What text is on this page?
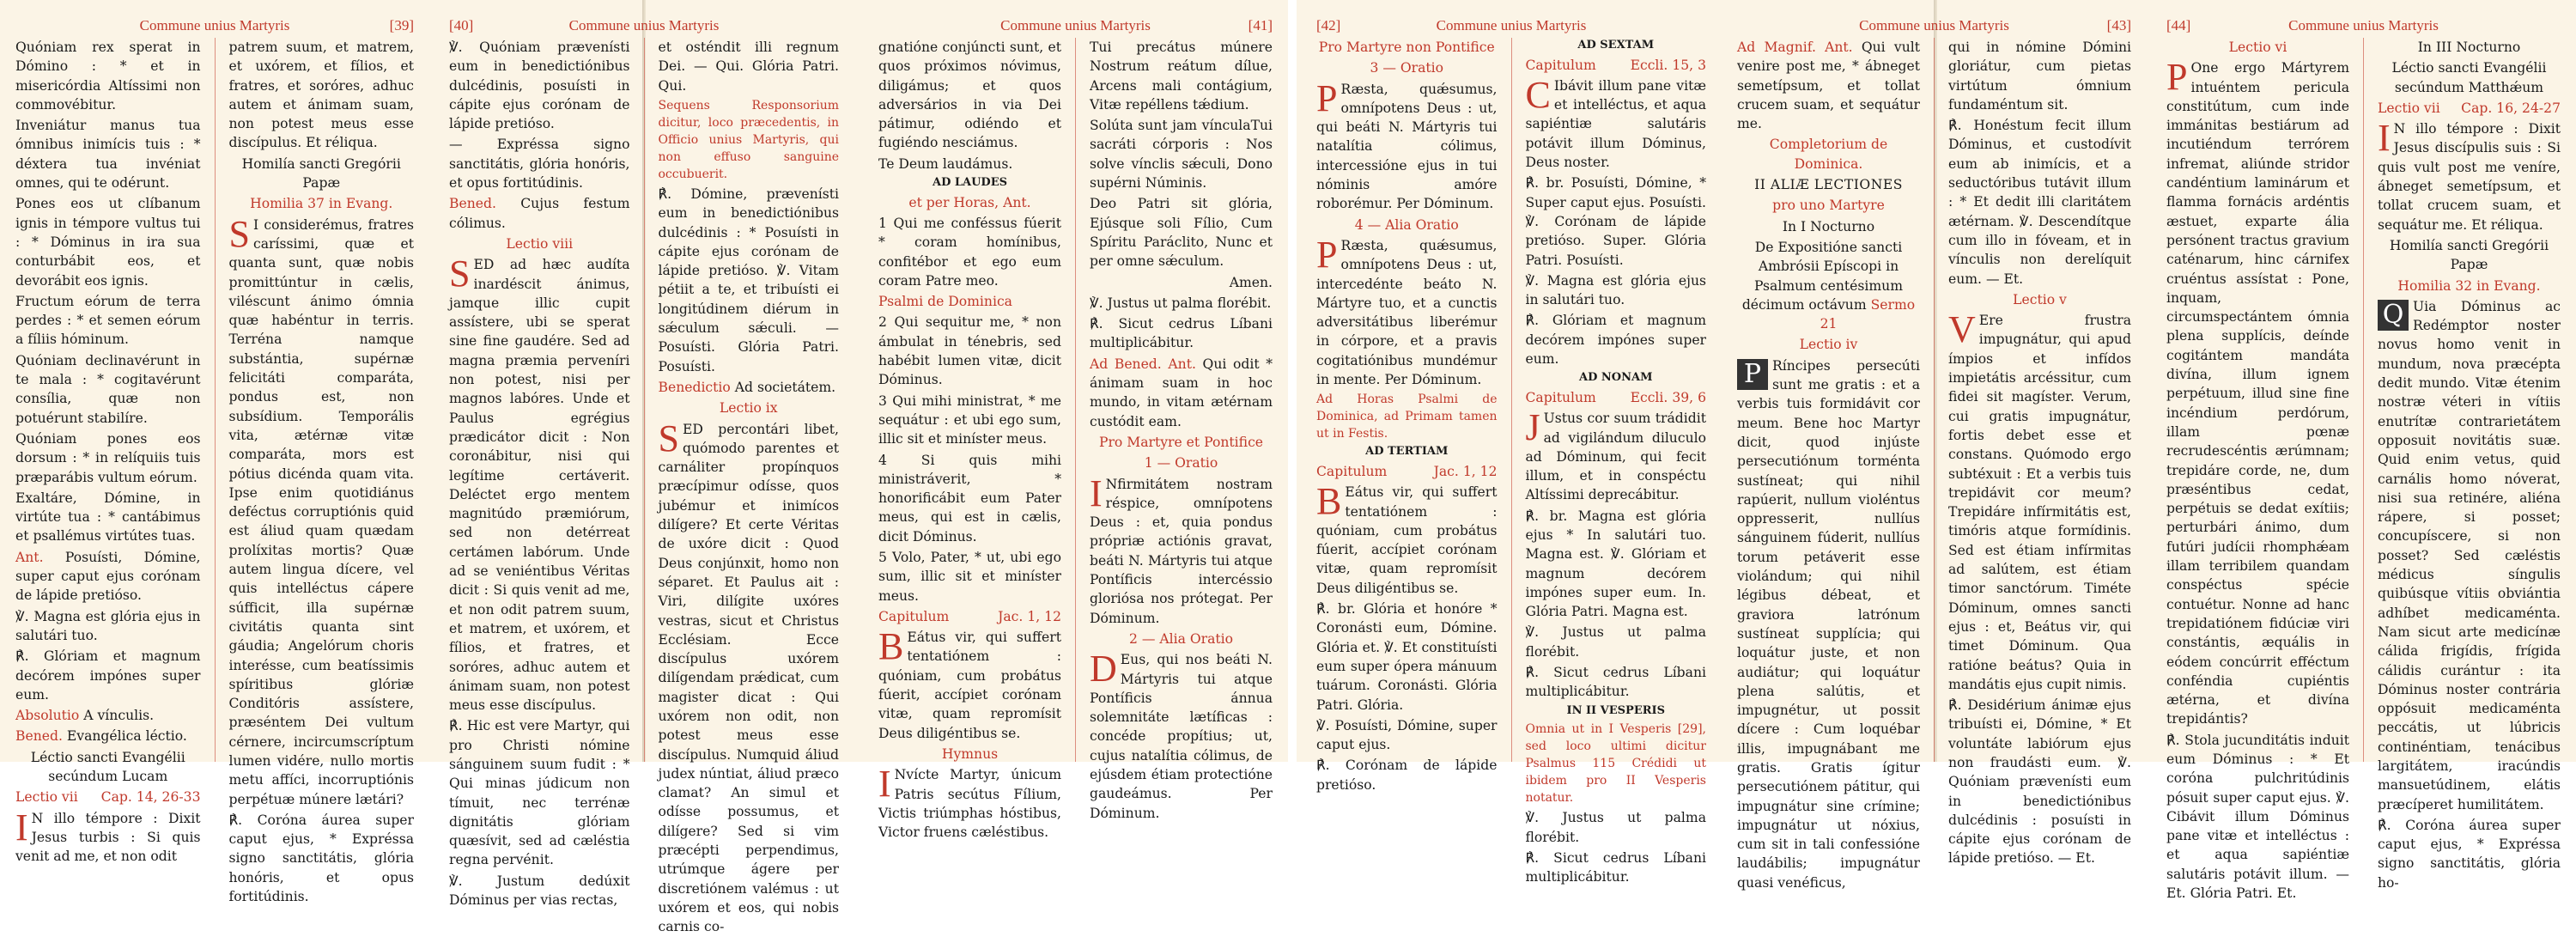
Commune unius Martyris	[39]

Quóniam rex sperat in Dómino : * et in misericórdia Altíssimi non commovébitur.

Inveniátur manus tua ómnibus inimícis tuis : * déxtera tua invéniat omnes, qui te odérunt.

Pones eos ut clíbanum ignis in témpore vultus tui : * Dóminus in ira sua conturbábit eos, et devorábit eos ignis.

Fructum eórum de terra perdes : * et semen eórum a fíliis hóminum.

Quóniam declinavérunt in te mala : * cogitavérunt consília, quæ non potuérunt stabilíre.

Quóniam pones eos dorsum : * in relíquiis tuis præparábis vultum eórum.

Exaltáre, Dómine, in virtúte tua : * cantábimus et psallémus virtútes tuas.

Ant. Posuísti, Dómine, super caput ejus corónam de lápide pretióso.

℣. Magna est glória ejus in salutári tuo.

℟. Glóriam et magnum decórem impónes super eum.

Absolutio A vínculis.

Bened. Evangélica léctio.

Léctio sancti Evangélii secúndum Lucam

Lectio vii Cap. 14, 26-33

I N illo témpore : Dixit Jesus turbis : Si quis venit ad me, et non odit

patrem suum, et matrem, et uxórem, et fílios, et fratres, et soróres, adhuc autem et ánimam suam, non potest meus esse discípulus. Et réliqua.

Homilía sancti Gregórii Papæ

Homilia 37 in Evang.

S I considerémus, fratres caríssimi, quæ et quanta sunt, quæ nobis promittúntur in cælis, viléscunt ánimo ómnia quæ habéntur in terris. Terréna namque substántia, supérnæ felicitáti comparáta, pondus est, non subsídium. Temporális vita, ætérnæ vitæ comparáta, mors est pótius dicénda quam vita. Ipse enim quotidiánus deféctus corruptiónis quid est áliud quam quædam prolíxitas mortis? Quæ autem lingua dícere, vel quis intelléctus cápere súfficit, illa supérnæ civitátis quanta sint gáudia; Angelórum choris interésse, cum beatíssimis spíritibus glóriæ Conditóris assístere, præséntem Dei vultum cérnere, incircumscríptum lumen vidére, nullo mortis metu affíci, incorruptiónis perpétuæ múnere lætári?

℟. Coróna áurea super caput ejus, * Expréssa signo sanctitátis, glória honóris, et opus fortitúdinis.

[40]	Commune unius Martyris

℣. Quóniam prævenísti eum in benedictiónibus dulcédinis, posuísti in cápite ejus corónam de lápide pretióso.

— Expréssa signo sanctitátis, glória honóris, et opus fortitúdinis.

Bened. Cujus festum cólimus.

Lectio viii

SED ad hæc audíta inardéscit ánimus, jamque illic cupit assístere, ubi se sperat sine fine gaudére. Sed ad magna præmia perveníri non potest, nisi per magnos labóres. Unde et Paulus egrégius prædicátor dicit : Non coronábitur, nisi qui legítime certáverit. Deléctet ergo mentem magnitúdo præmiórum, sed non detérreat certámen labórum. Unde ad se veniéntibus Véritas dicit : Si quis venit ad me, et non odit patrem suum, et matrem, et uxórem, et fílios, et fratres, et soróres, adhuc autem et ánimam suam, non potest meus esse discípulus.

℟. Hic est vere Martyr, qui pro Christi nómine sánguinem suum fudit : * Qui minas júdicum non tímuit, nec terrénæ dignitátis glóriam quæsívit, sed ad cæléstia regna pervénit.

℣. Justum dedúxit Dóminus per vias rectas,

et osténdit illi regnum Dei. — Qui. Glória Patri. Qui.

Sequens Responsorium dicitur, loco præcedentis, in Officio unius Martyris, qui non effuso sanguine occubuerit.

℟. Dómine, prævenísti eum in benedictiónibus dulcédinis : * Posuísti in cápite ejus corónam de lápide pretióso. ℣. Vitam pétiit a te, et tribuísti ei longitúdinem diérum in sǽculum sǽculi. — Posuísti. Glória Patri. Posuísti.

Benedictio Ad societátem.

Lectio ix

SED percontári libet, quómodo parentes et carnáliter propínquos præcípimur odísse, quos jubémur et inimícos dilígere? Et certe Véritas de uxóre dicit : Quod Deus conjúnxit, homo non séparet. Et Paulus ait : Viri, dilígite uxóres vestras, sicut et Christus Ecclésiam. Ecce discípulus uxórem dilígendam prǽdicat, cum magister dicat : Qui uxórem non odit, non potest meus esse discípulus. Numquid áliud judex núntiat, áliud præco clamat? An simul et odísse possumus, et dilígere? Sed si vim præcépti perpendimus, utrúmque ágere per discretiónem valémus : ut uxórem et eos, qui nobis carnis co-

Commune unius Martyris	[41]

gnatióne conjúncti sunt, et quos próximos nóvimus, diligámus; et quos adversários in via Dei pátimur, odiéndo et fugiéndo nesciámus.

Te Deum laudámus.

AD LAUDES

et per Horas, Ant.

1 Qui me conféssus fúerit * coram homínibus, confitébor et ego eum coram Patre meo.

Psalmi de Dominica

2 Qui sequitur me, * non ámbulat in ténebris, sed habébit lumen vitæ, dicit Dóminus.

3 Qui mihi ministrat, * me sequátur : et ubi ego sum, illic sit et miníster meus.

4 Si quis mihi ministráverit, * honorificábit eum Pater meus, qui est in cælis, dicit Dóminus.

5 Volo, Pater, * ut, ubi ego sum, illic sit et miníster meus.

Capitulum	Jac. 1, 12

B Eátus vir, qui suffert tentatiónem : quóniam, cum probátus fúerit, accípiet corónam vitæ, quam repromísit Deus diligéntibus se.

Hymnus

I Nvícte Martyr, únicum Patris secútus Fílium, Victis triúmphas hóstibus, Victor fruens cæléstibus.

Tui precátus múnere Nostrum reátum dílue, Arcens mali contágium, Vitæ repéllens tǽdium.

Solúta sunt jam vínculaTui sacráti córporis : Nos solve vínclis sǽculi, Dono supérni Núminis.

Deo Patri sit glória, Ejúsque soli Fílio, Cum Spíritu Paráclito, Nunc et per omne sǽculum.

Amen.

℣. Justus ut palma florébit.

℟. Sicut cedrus Líbani multiplicábitur.

Ad Bened. Ant. Qui odit * ánimam suam in hoc mundo, in vitam ætérnam custódit eam.

Pro Martyre et Pontifice

1 — Oratio

I Nfirmitátem nostram réspice, omnípotens Deus : et, quia pondus própriæ actiónis gravat, beáti N. Mártyris tui atque Pontíficis intercéssio gloriósa nos prótegat. Per Dóminum.

2 — Alia Oratio

D Eus, qui nos beáti N. Mártyris tui atque Pontíficis ánnua solemnitáte lætíficas : concéde propítius; ut, cujus natalítia cólimus, de ejúsdem étiam protectióne gaudeámus. Per Dóminum.

[42]	Commune unius Martyris

Pro Martyre non Pontifice

3 — Oratio

P Ræsta, quǽsumus, omnípotens Deus : ut, qui beáti N. Mártyris tui natalítia cólimus, intercessióne ejus in tui nóminis amóre roborémur. Per Dóminum.

4 — Alia Oratio

P Ræsta, quǽsumus, omnípotens Deus : ut, intercedénte beáto N. Mártyre tuo, et a cunctis adversitátibus liberémur in córpore, et a pravis cogitatiónibus mundémur in mente. Per Dóminum.

Ad Horas Psalmi de Dominica, ad Primam tamen ut in Festis.

AD TERTIAM

Capitulum	Jac. 1, 12

B Eátus vir, qui suffert tentatiónem : quóniam, cum probátus fúerit, accípiet corónam vitæ, quam repromísit Deus diligéntibus se.

℟. br. Glória et honóre * Coronásti eum, Dómine. Glória et. ℣. Et constituísti eum super ópera mánuum tuárum. Coronásti. Glória Patri. Glória.

℣. Posuísti, Dómine, super caput ejus.

℟. Corónam de lápide pretióso.

AD SEXTAM

Capitulum	Eccli. 15, 3

C Ibávit illum pane vitæ et intelléctus, et aqua sapiéntiæ salutáris potávit illum Dóminus, Deus noster.

℟. br. Posuísti, Dómine, * Super caput ejus. Posuísti. ℣. Corónam de lápide pretióso. Super. Glória Patri. Posuísti.

℣. Magna est glória ejus in salutári tuo.

℟. Glóriam et magnum decórem impónes super eum.

AD NONAM

Capitulum	Eccli. 39, 6

J Ustus cor suum trádidit ad vigilándum diluculo ad Dóminum, qui fecit illum, et in conspéctu Altíssimi deprecábitur.

℟. br. Magna est glória ejus * In salutári tuo. Magna est. ℣. Glóriam et magnum decórem impónes super eum. In. Glória Patri. Magna est.

℣. Justus ut palma florébit.

℟. Sicut cedrus Líbani multiplicábitur.

IN II VESPERIS

Omnia ut in I Vesperis [29], sed loco ultimi dicitur Psalmus 115 Crédidi ut ibidem pro II Vesperis notatur.

℣. Justus ut palma florébit.

℟. Sicut cedrus Líbani multiplicábitur.

Commune unius Martyris	[43]

Ad Magnif. Ant. Qui vult venire post me, * ábneget semetípsum, et tollat crucem suam, et sequátur me.

Completorium de Dominica.

II ALIÆ LECTIONES

pro uno Martyre

In I Nocturno

De Expositióne sancti Ambrósii Epíscopi in Psalmum centésimum décimum octávum Sermo 21

Lectio iv

P Ríncipes persecúti sunt me gratis : et a verbis tuis formidávit cor meum. Bene hoc Martyr dicit, quod injúste persecutiónum torménta sustíneat; qui nihil rapúerit, nullum violéntus oppresserit, nullíus sánguinem fúderit, nullíus torum petáverit esse violándum; qui nihil légibus débeat, et graviora latrónum sustíneat supplícia; qui loquátur juste, et non audiátur; qui loquátur plena salútis, et impugnétur, ut possit dícere : Cum loquébar illis, impugnábant me gratis. Gratis ígitur persecutiónem pátitur, qui impugnátur sine crímine; impugnátur ut nóxius, cum sit in tali confessióne laudábilis; impugnátur quasi venéficus,

qui in nómine Dómini gloriátur, cum pietas virtútum ómnium fundaméntum sit.

℟. Honéstum fecit illum Dóminus, et custodívit eum ab inimícis, et a seductóribus tutávit illum : * Et dedit illi claritátem ætérnam. ℣. Descendítque cum illo in fóveam, et in vínculis non derelíquit eum. — Et.

Lectio v

V Ere frustra impugnátur, qui apud ímpios et infídos impietátis arcéssitur, cum fidei sit magíster. Verum, cui gratis impugnátur, fortis debet esse et constans. Quómodo ergo subtéxuit : Et a verbis tuis trepidávit cor meum? Trepidáre infírmitátis est, timóris atque formídinis. Sed est étiam infírmitas ad salútem, est étiam timor sanctórum. Timéte Dóminum, omnes sancti ejus : et, Beátus vir, qui timet Dóminum. Qua ratióne beátus? Quia in mandátis ejus cupit nimis.

℟. Desidérium ánimæ ejus tribuísti ei, Dómine, * Et voluntáte labiórum ejus non fraudásti eum. ℣. Quóniam prævenísti eum in benedictiónibus dulcédinis : posuísti in cápite ejus corónam de lápide pretióso. — Et.

[44]	Commune unius Martyris

Lectio vi

P One ergo Mártyrem intuéntem pericula constitútum, cum inde immánitas bestiárum ad incutiéndum terrórem infremat, aliúnde stridor candéntium laminárum et flamma fornácis ardéntis æstuet, exparte ália persónent tractus gravium caténarum, hinc cárnifex cruéntus assístat : Pone, inquam, circumspectántem ómnia plena supplícis, deínde cogitántem mandáta divína, illum ignem perpétuum, illud sine fine incéndium perdórum, illam pœnæ recrudescéntis ærúmnam; trepidáre corde, ne, dum præséntibus cedat, perpétuis se dedat exítiis; perturbári ánimo, dum futúri judícii rhomphǽam illam terribilem quandam conspéctus spécie contuétur. Nonne ad hanc trepidatiónem fidúciæ viri constántis, æquális in eódem concúrrit efféctum conféndia cupiéntis ætérna, et divína trepidántis?

℟. Stola jucunditátis induit eum Dóminus : * Et coróna pulchritúdinis pósuit super caput ejus. ℣. Cibávit illum Dóminus pane vitæ et intelléctus : et aqua sapiéntiæ salutáris potávit illum. — Et. Glória Patri. Et.

In III Nocturno

Léctio sancti Evangélii secúndum Matthǽum

Lectio vii Cap. 16, 24-27

I N illo témpore : Dixit Jesus discípulis suis : Si quis vult post me veníre, ábneget semetípsum, et tollat crucem suam, et sequátur me. Et réliqua.

Homilía sancti Gregórii Papæ

Homilia 32 in Evang.

Q Uia Dóminus ac Redémptor noster novus homo venit in mundum, nova præcépta dedit mundo. Vitæ étenim nostræ véteri in vítiis enutrítæ contrarietátem opposuit novitátis suæ. Quid enim vetus, quid carnális homo nóverat, nisi sua retinére, aliéna rápere, si posset; concupíscere, si non posset? Sed cæléstis médicus síngulis quibúsque vítiis obviántia adhíbet medicaménta. Nam sicut arte medicínæ cálida frigídis, frígida cálidis curántur : ita Dóminus noster contrária oppósuit medicaménta peccátis, ut lúbricis continéntiam, tenácibus largitátem, iracúndis mansuetúdinem, elátis præcíperet humilitátem.

℟. Coróna áurea super caput ejus, * Expréssa signo sanctitátis, glória ho-
